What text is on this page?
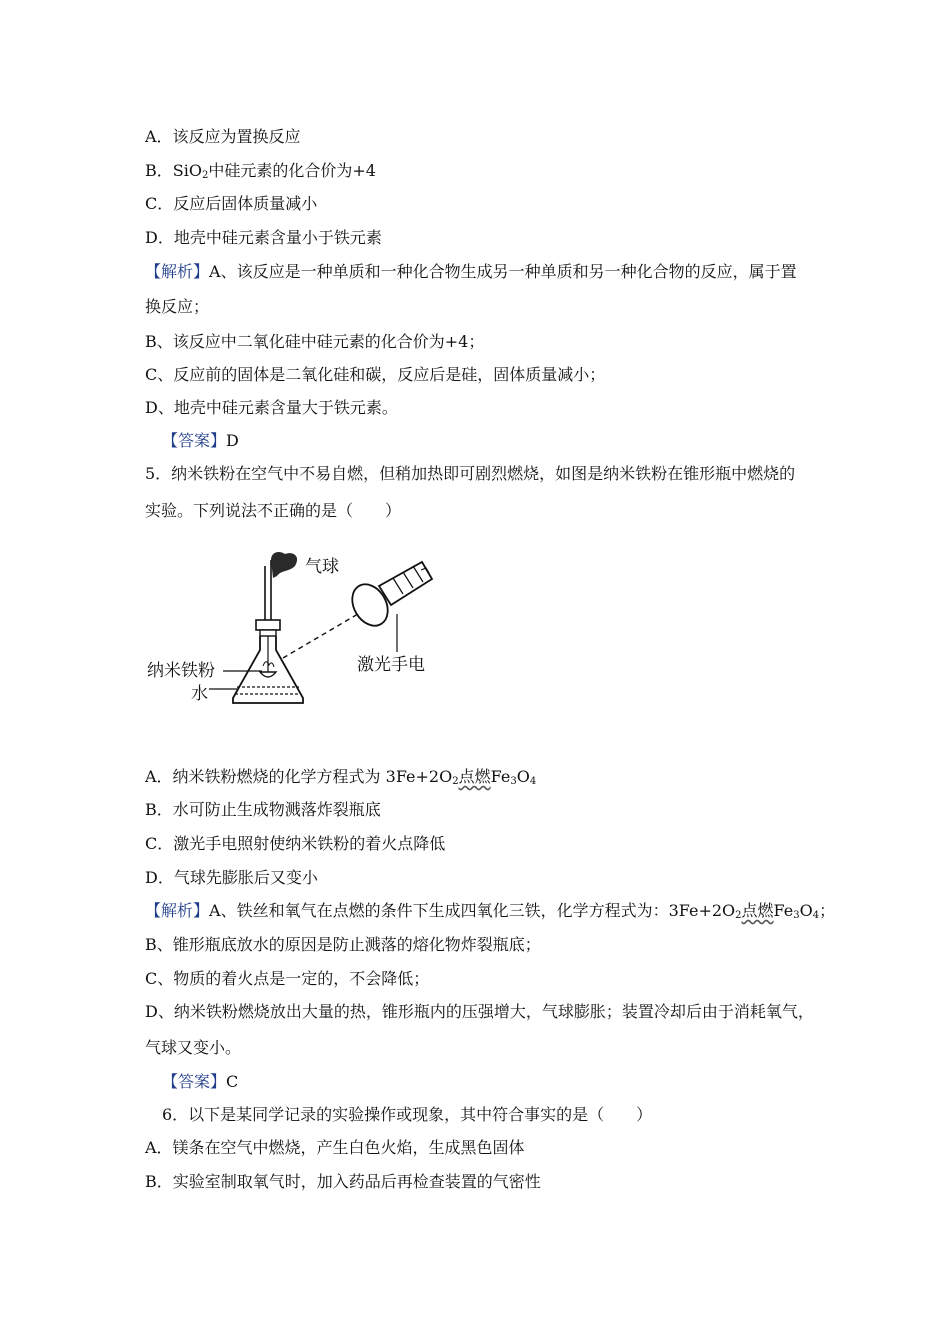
A．该反应为置换反应
B．SiO$_2$中硅元素的化合价为+4
C．反应后固体质量减小
D．地壳中硅元素含量小于铁元素
【解析】A、该反应是一种单质和一种化合物生成另一种单质和另一种化合物的反应，属于置
换反应；
B、该反应中二氧化硅中硅元素的化合价为+4；
C、反应前的固体是二氧化硅和碳，反应后是硅，固体质量减小；
D、地壳中硅元素含量大于铁元素。
【答案】D
5．纳米铁粉在空气中不易自燃，但稍加热即可剧烈燃烧，如图是纳米铁粉在锥形瓶中燃烧的
实验。下列说法不正确的是（　　）
气球
纳米铁粉
水
激光手电
A．纳米铁粉燃烧的化学方程式为 $3Fe+2O_2$点燃$Fe_3O_4$
B．水可防止生成物溅落炸裂瓶底
C．激光手电照射使纳米铁粉的着火点降低
D．气球先膨胀后又变小
【解析】A、铁丝和氧气在点燃的条件下生成四氧化三铁，化学方程式为：$3Fe+2O_2$点燃$Fe_3O_4$；
B、锥形瓶底放水的原因是防止溅落的熔化物炸裂瓶底；
C、物质的着火点是一定的，不会降低；
D、纳米铁粉燃烧放出大量的热，锥形瓶内的压强增大，气球膨胀；装置冷却后由于消耗氧气，
气球又变小。
【答案】C
6．以下是某同学记录的实验操作或现象，其中符合事实的是（　　）
A．镁条在空气中燃烧，产生白色火焰，生成黑色固体
B．实验室制取氧气时，加入药品后再检查装置的气密性
